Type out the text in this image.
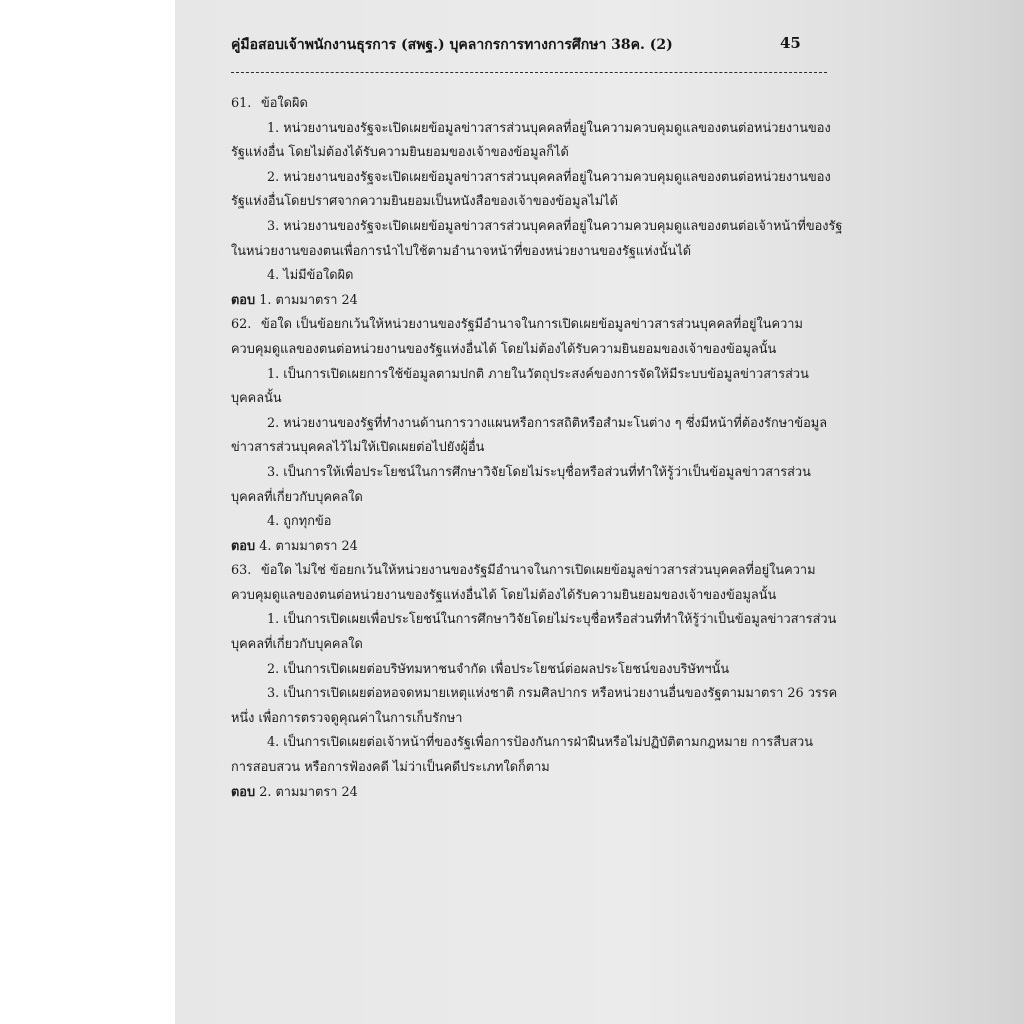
คู่มือสอบเจ้าพนักงานธุรการ (สพฐ.) บุคลากรการทางการศึกษา 38ค. (2)	45
61. ข้อใดผิด
1. หน่วยงานของรัฐจะเปิดเผยข้อมูลข่าวสารส่วนบุคคลที่อยู่ในความควบคุมดูแลของตนต่อหน่วยงานของ
รัฐแห่งอื่น โดยไม่ต้องได้รับความยินยอมของเจ้าของข้อมูลก็ได้
2. หน่วยงานของรัฐจะเปิดเผยข้อมูลข่าวสารส่วนบุคคลที่อยู่ในความควบคุมดูแลของตนต่อหน่วยงานของ
รัฐแห่งอื่นโดยปราศจากความยินยอมเป็นหนังสือของเจ้าของข้อมูลไม่ได้
3. หน่วยงานของรัฐจะเปิดเผยข้อมูลข่าวสารส่วนบุคคลที่อยู่ในความควบคุมดูแลของตนต่อเจ้าหน้าที่ของรัฐ
ในหน่วยงานของตนเพื่อการนำไปใช้ตามอำนาจหน้าที่ของหน่วยงานของรัฐแห่งนั้นได้
4. ไม่มีข้อใดผิด
ตอบ 1. ตามมาตรา 24
62. ข้อใด เป็นข้อยกเว้นให้หน่วยงานของรัฐมีอำนาจในการเปิดเผยข้อมูลข่าวสารส่วนบุคคลที่อยู่ในความ
ควบคุมดูแลของตนต่อหน่วยงานของรัฐแห่งอื่นได้ โดยไม่ต้องได้รับความยินยอมของเจ้าของข้อมูลนั้น
1. เป็นการเปิดเผยการใช้ข้อมูลตามปกติ ภายในวัตถุประสงค์ของการจัดให้มีระบบข้อมูลข่าวสารส่วน
บุคคลนั้น
2. หน่วยงานของรัฐที่ทำงานด้านการวางแผนหรือการสถิติหรือสำมะโนต่าง ๆ ซึ่งมีหน้าที่ต้องรักษาข้อมูล
ข่าวสารส่วนบุคคลไว้ไม่ให้เปิดเผยต่อไปยังผู้อื่น
3. เป็นการให้เพื่อประโยชน์ในการศึกษาวิจัยโดยไม่ระบุชื่อหรือส่วนที่ทำให้รู้ว่าเป็นข้อมูลข่าวสารส่วน
บุคคลที่เกี่ยวกับบุคคลใด
4. ถูกทุกข้อ
ตอบ 4. ตามมาตรา 24
63. ข้อใด ไม่ใช่ ข้อยกเว้นให้หน่วยงานของรัฐมีอำนาจในการเปิดเผยข้อมูลข่าวสารส่วนบุคคลที่อยู่ในความ
ควบคุมดูแลของตนต่อหน่วยงานของรัฐแห่งอื่นได้ โดยไม่ต้องได้รับความยินยอมของเจ้าของข้อมูลนั้น
1. เป็นการเปิดเผยเพื่อประโยชน์ในการศึกษาวิจัยโดยไม่ระบุชื่อหรือส่วนที่ทำให้รู้ว่าเป็นข้อมูลข่าวสารส่วน
บุคคลที่เกี่ยวกับบุคคลใด
2. เป็นการเปิดเผยต่อบริษัทมหาชนจำกัด เพื่อประโยชน์ต่อผลประโยชน์ของบริษัทฯนั้น
3. เป็นการเปิดเผยต่อหอจดหมายเหตุแห่งชาติ กรมศิลปากร หรือหน่วยงานอื่นของรัฐตามมาตรา 26 วรรค
หนึ่ง เพื่อการตรวจดูคุณค่าในการเก็บรักษา
4. เป็นการเปิดเผยต่อเจ้าหน้าที่ของรัฐเพื่อการป้องกันการฝ่าฝืนหรือไม่ปฏิบัติตามกฎหมาย การสืบสวน
การสอบสวน หรือการฟ้องคดี ไม่ว่าเป็นคดีประเภทใดก็ตาม
ตอบ 2. ตามมาตรา 24
